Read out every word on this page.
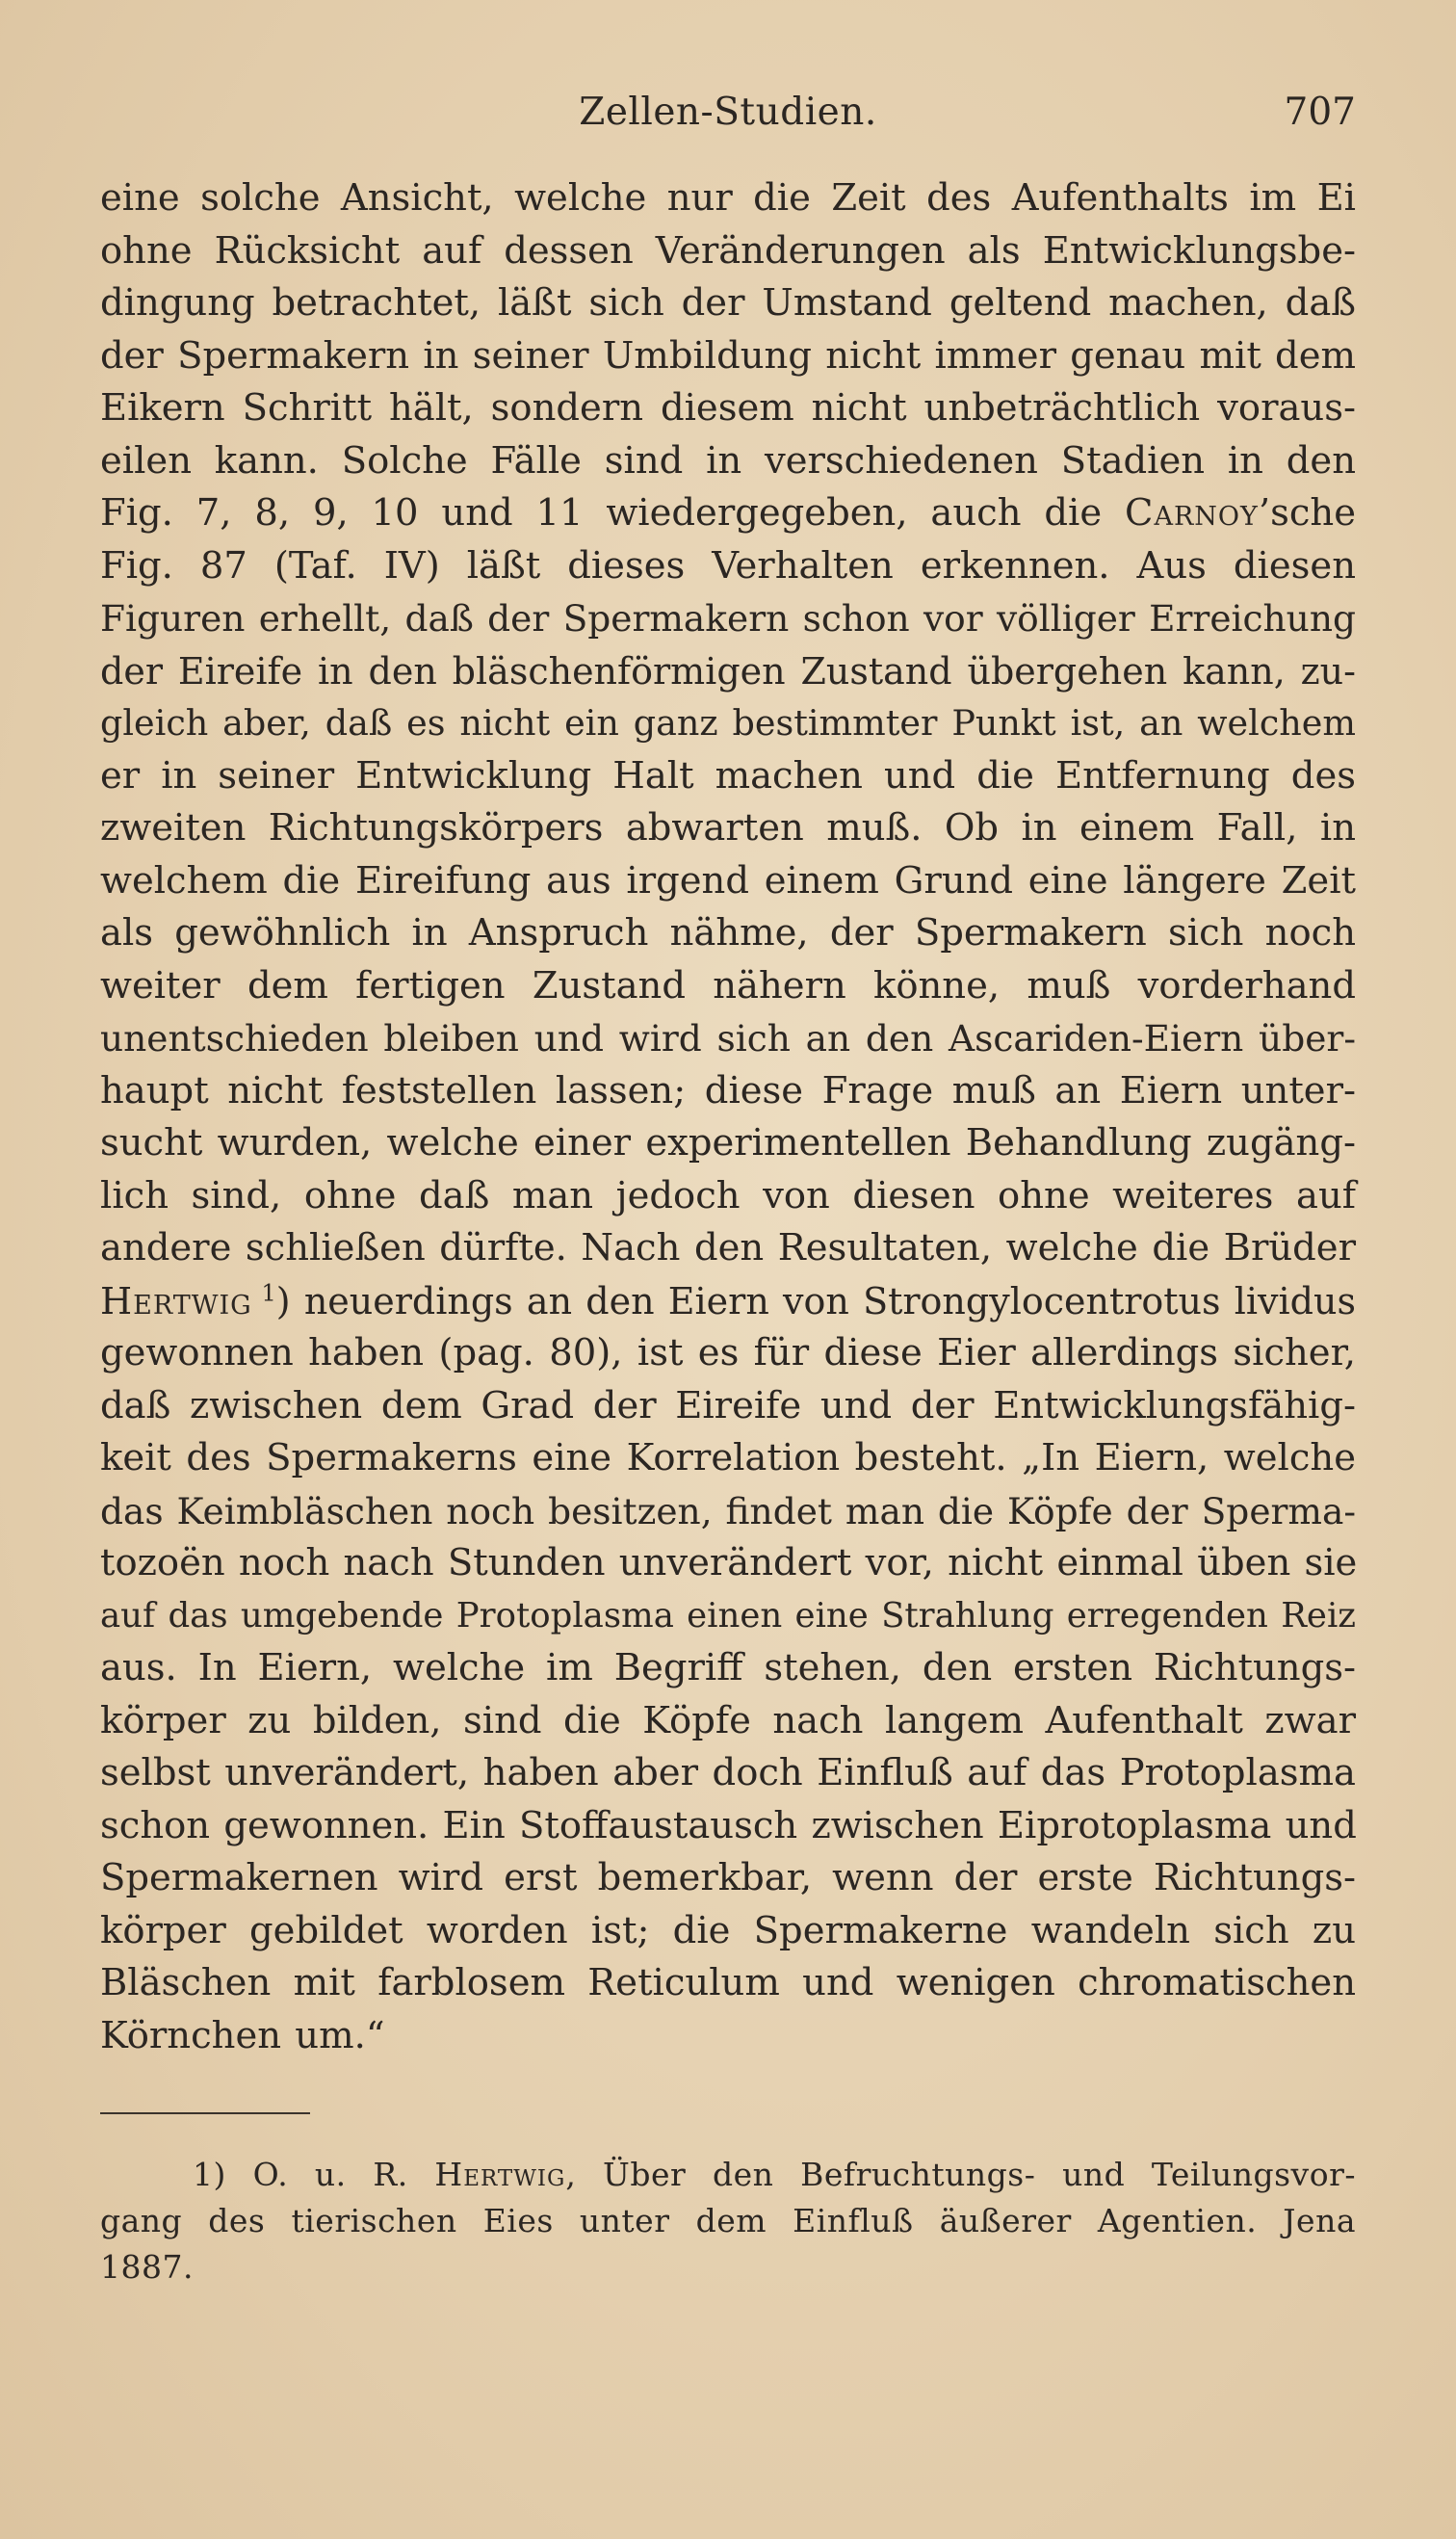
Zellen-Studien.	707
eine solche Ansicht, welche nur die Zeit des Aufenthalts im Ei
ohne Rücksicht auf dessen Veränderungen als Entwicklungsbe-
dingung betrachtet, läßt sich der Umstand geltend machen, daß
der Spermakern in seiner Umbildung nicht immer genau mit dem
Eikern Schritt hält, sondern diesem nicht unbeträchtlich voraus-
eilen kann. Solche Fälle sind in verschiedenen Stadien in den
Fig. 7, 8, 9, 10 und 11 wiedergegeben, auch die Carnoy’sche
Fig. 87 (Taf. IV) läßt dieses Verhalten erkennen. Aus diesen
Figuren erhellt, daß der Spermakern schon vor völliger Erreichung
der Eireife in den bläschenförmigen Zustand übergehen kann, zu-
gleich aber, daß es nicht ein ganz bestimmter Punkt ist, an welchem
er in seiner Entwicklung Halt machen und die Entfernung des
zweiten Richtungskörpers abwarten muß. Ob in einem Fall, in
welchem die Eireifung aus irgend einem Grund eine längere Zeit
als gewöhnlich in Anspruch nähme, der Spermakern sich noch
weiter dem fertigen Zustand nähern könne, muß vorderhand
unentschieden bleiben und wird sich an den Ascariden-Eiern über-
haupt nicht feststellen lassen; diese Frage muß an Eiern unter-
sucht wurden, welche einer experimentellen Behandlung zugäng-
lich sind, ohne daß man jedoch von diesen ohne weiteres auf
andere schließen dürfte. Nach den Resultaten, welche die Brüder
Hertwig $^1$) neuerdings an den Eiern von Strongylocentrotus lividus
gewonnen haben (pag. 80), ist es für diese Eier allerdings sicher,
daß zwischen dem Grad der Eireife und der Entwicklungsfähig-
keit des Spermakerns eine Korrelation besteht. „In Eiern, welche
das Keimbläschen noch besitzen, findet man die Köpfe der Sperma-
tozoën noch nach Stunden unverändert vor, nicht einmal üben sie
auf das umgebende Protoplasma einen eine Strahlung erregenden Reiz
aus. In Eiern, welche im Begriff stehen, den ersten Richtungs-
körper zu bilden, sind die Köpfe nach langem Aufenthalt zwar
selbst unverändert, haben aber doch Einfluß auf das Protoplasma
schon gewonnen. Ein Stoffaustausch zwischen Eiprotoplasma und
Spermakernen wird erst bemerkbar, wenn der erste Richtungs-
körper gebildet worden ist; die Spermakerne wandeln sich zu
Bläschen mit farblosem Reticulum und wenigen chromatischen
Körnchen um.“
1) O. u. R. Hertwig, Über den Befruchtungs- und Teilungsvor-
gang des tierischen Eies unter dem Einfluß äußerer Agentien. Jena
1887.
